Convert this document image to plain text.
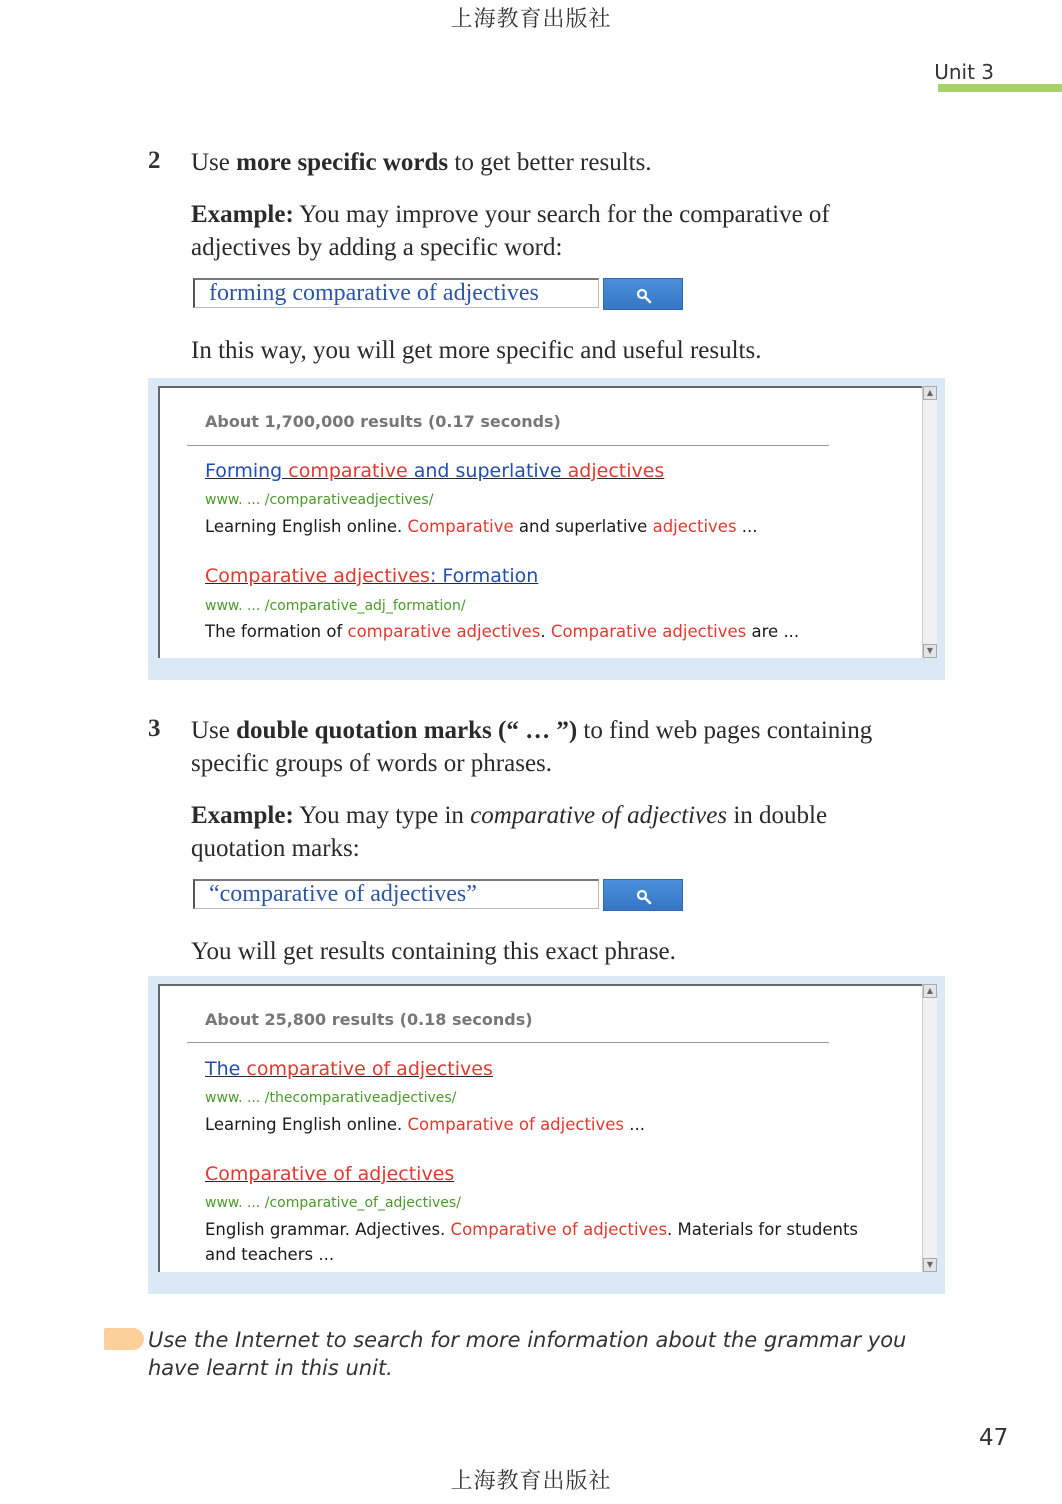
上海教育出版社
Unit 3
2 Use more specific words to get better results.
Example: You may improve your search for the comparative of adjectives by adding a specific word:
forming comparative of adjectives
In this way, you will get more specific and useful results.
About 1,700,000 results (0.17 seconds)
Forming comparative and superlative adjectives
www. ... /comparativeadjectives/
Learning English online. Comparative and superlative adjectives ...
Comparative adjectives: Formation
www. ... /comparative_adj_formation/
The formation of comparative adjectives. Comparative adjectives are ...
▲
▼
3 Use double quotation marks (“ … ”) to find web pages containing specific groups of words or phrases.
Example: You may type in comparative of adjectives in double quotation marks:
“comparative of adjectives”
You will get results containing this exact phrase.
About 25,800 results (0.18 seconds)
The comparative of adjectives
www. ... /thecomparativeadjectives/
Learning English online. Comparative of adjectives ...
Comparative of adjectives
www. ... /comparative_of_adjectives/
English grammar. Adjectives. Comparative of adjectives. Materials for students and teachers ...
▲
▼
Use the Internet to search for more information about the grammar you have learnt in this unit.
47
上海教育出版社
